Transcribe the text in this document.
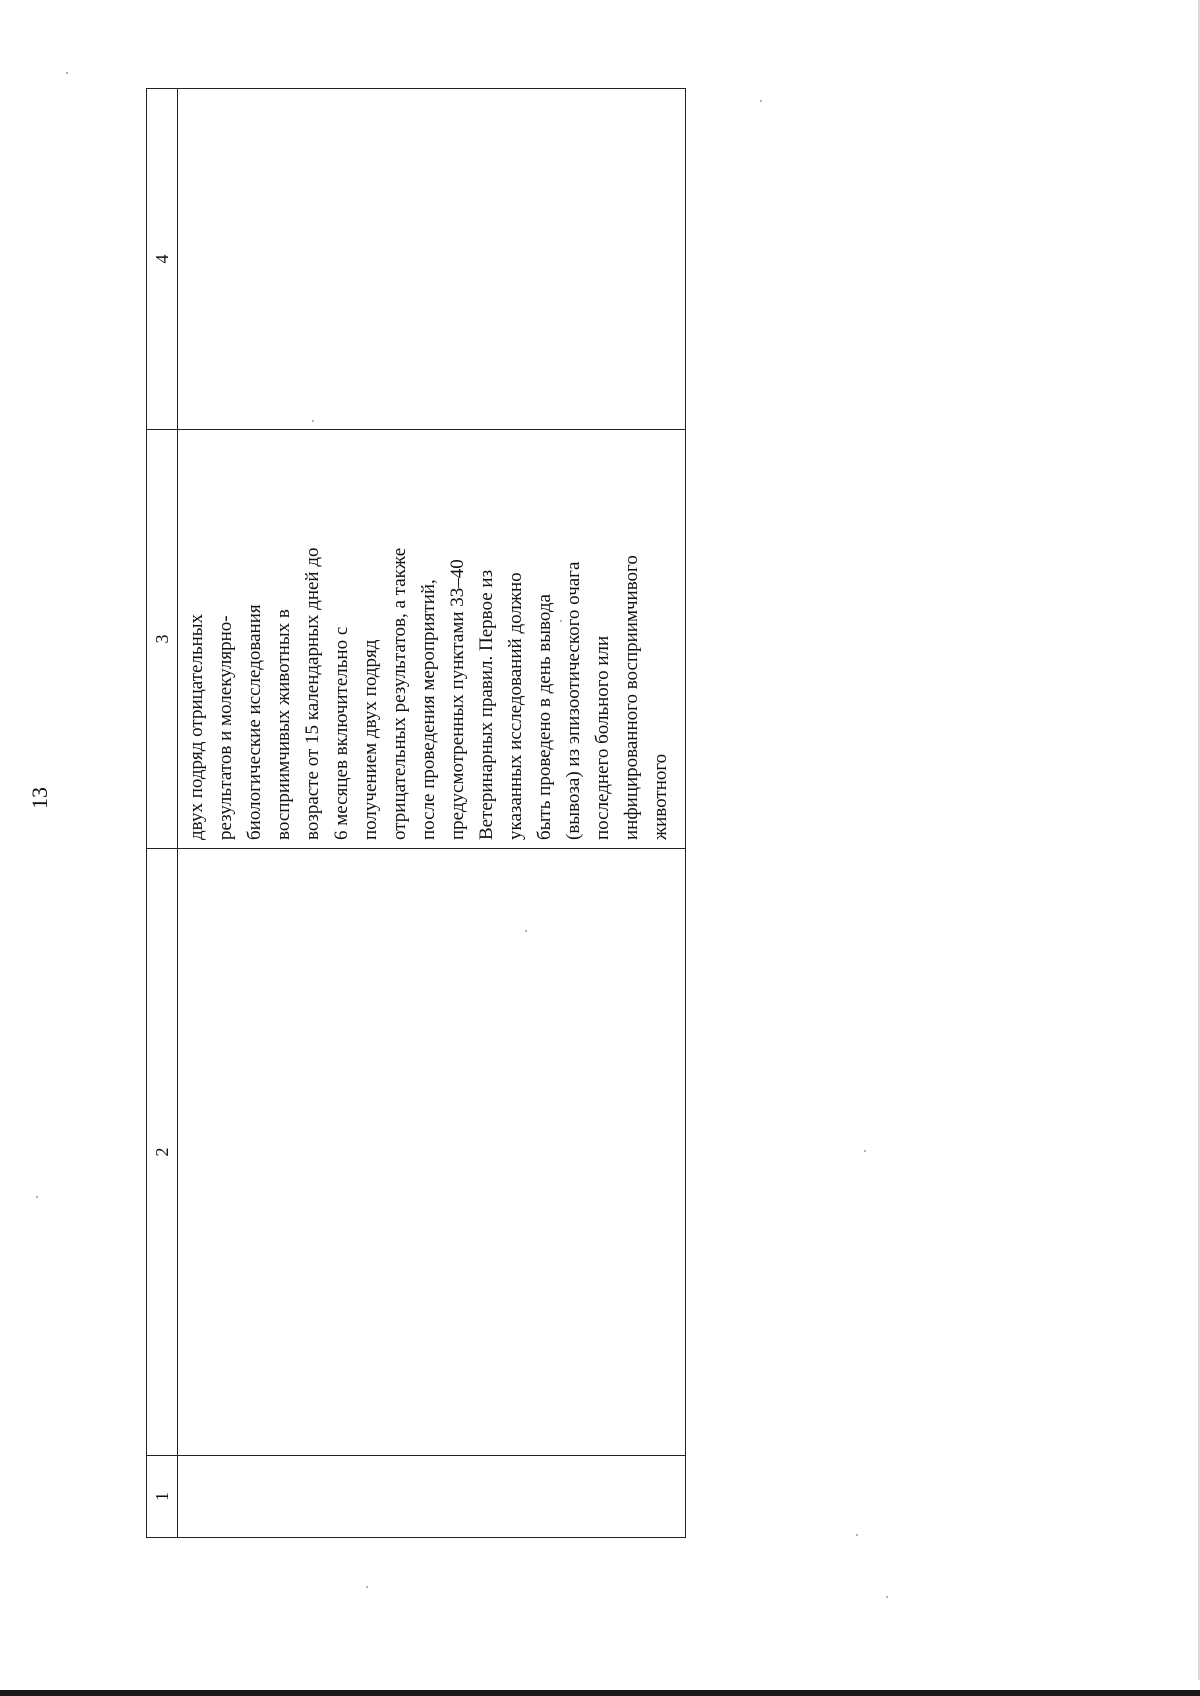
13
1
2
3
4

двух подряд отрицательных
результатов и молекулярно-
биологические исследования
восприимчивых животных в
возрасте от 15 календарных дней до
6 месяцев включительно с
получением двух подряд
отрицательных результатов, а также
после проведения мероприятий,
предусмотренных пунктами 33–40
Ветеринарных правил. Первое из
указанных исследований должно
быть проведено в день вывода
(вывоза) из эпизоотического очага
последнего больного или
инфицированного восприимчивого
животного
